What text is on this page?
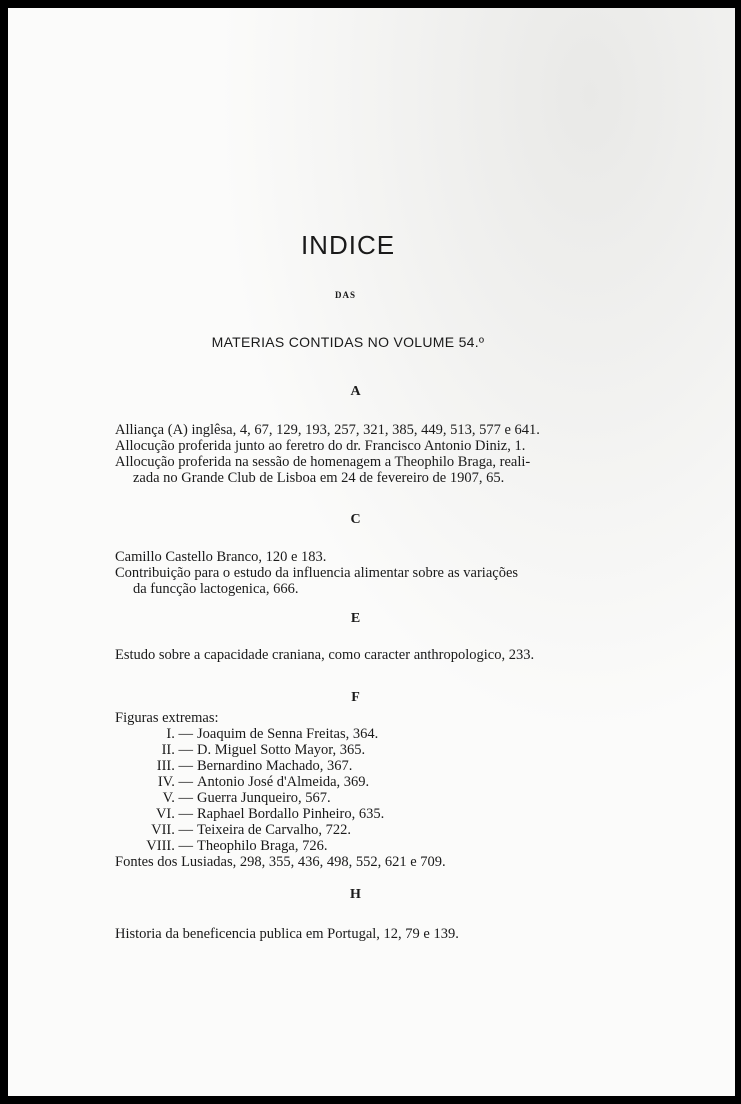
INDICE
DAS
MATERIAS CONTIDAS NO VOLUME 54.º
A
Alliança (A) inglêsa, 4, 67, 129, 193, 257, 321, 385, 449, 513, 577 e 641.
Allocução proferida junto ao feretro do dr. Francisco Antonio Diniz, 1.
Allocução proferida na sessão de homenagem a Theophilo Braga, reali-
zada no Grande Club de Lisboa em 24 de fevereiro de 1907, 65.
C
Camillo Castello Branco, 120 e 183.
Contribuição para o estudo da influencia alimentar sobre as variações
da funcção lactogenica, 666.
E
Estudo sobre a capacidade craniana, como caracter anthropologico, 233.
F
Figuras extremas:
I. — Joaquim de Senna Freitas, 364.
II. — D. Miguel Sotto Mayor, 365.
III. — Bernardino Machado, 367.
IV. — Antonio José d'Almeida, 369.
V. — Guerra Junqueiro, 567.
VI. — Raphael Bordallo Pinheiro, 635.
VII. — Teixeira de Carvalho, 722.
VIII. — Theophilo Braga, 726.
Fontes dos Lusiadas, 298, 355, 436, 498, 552, 621 e 709.
H
Historia da beneficencia publica em Portugal, 12, 79 e 139.
